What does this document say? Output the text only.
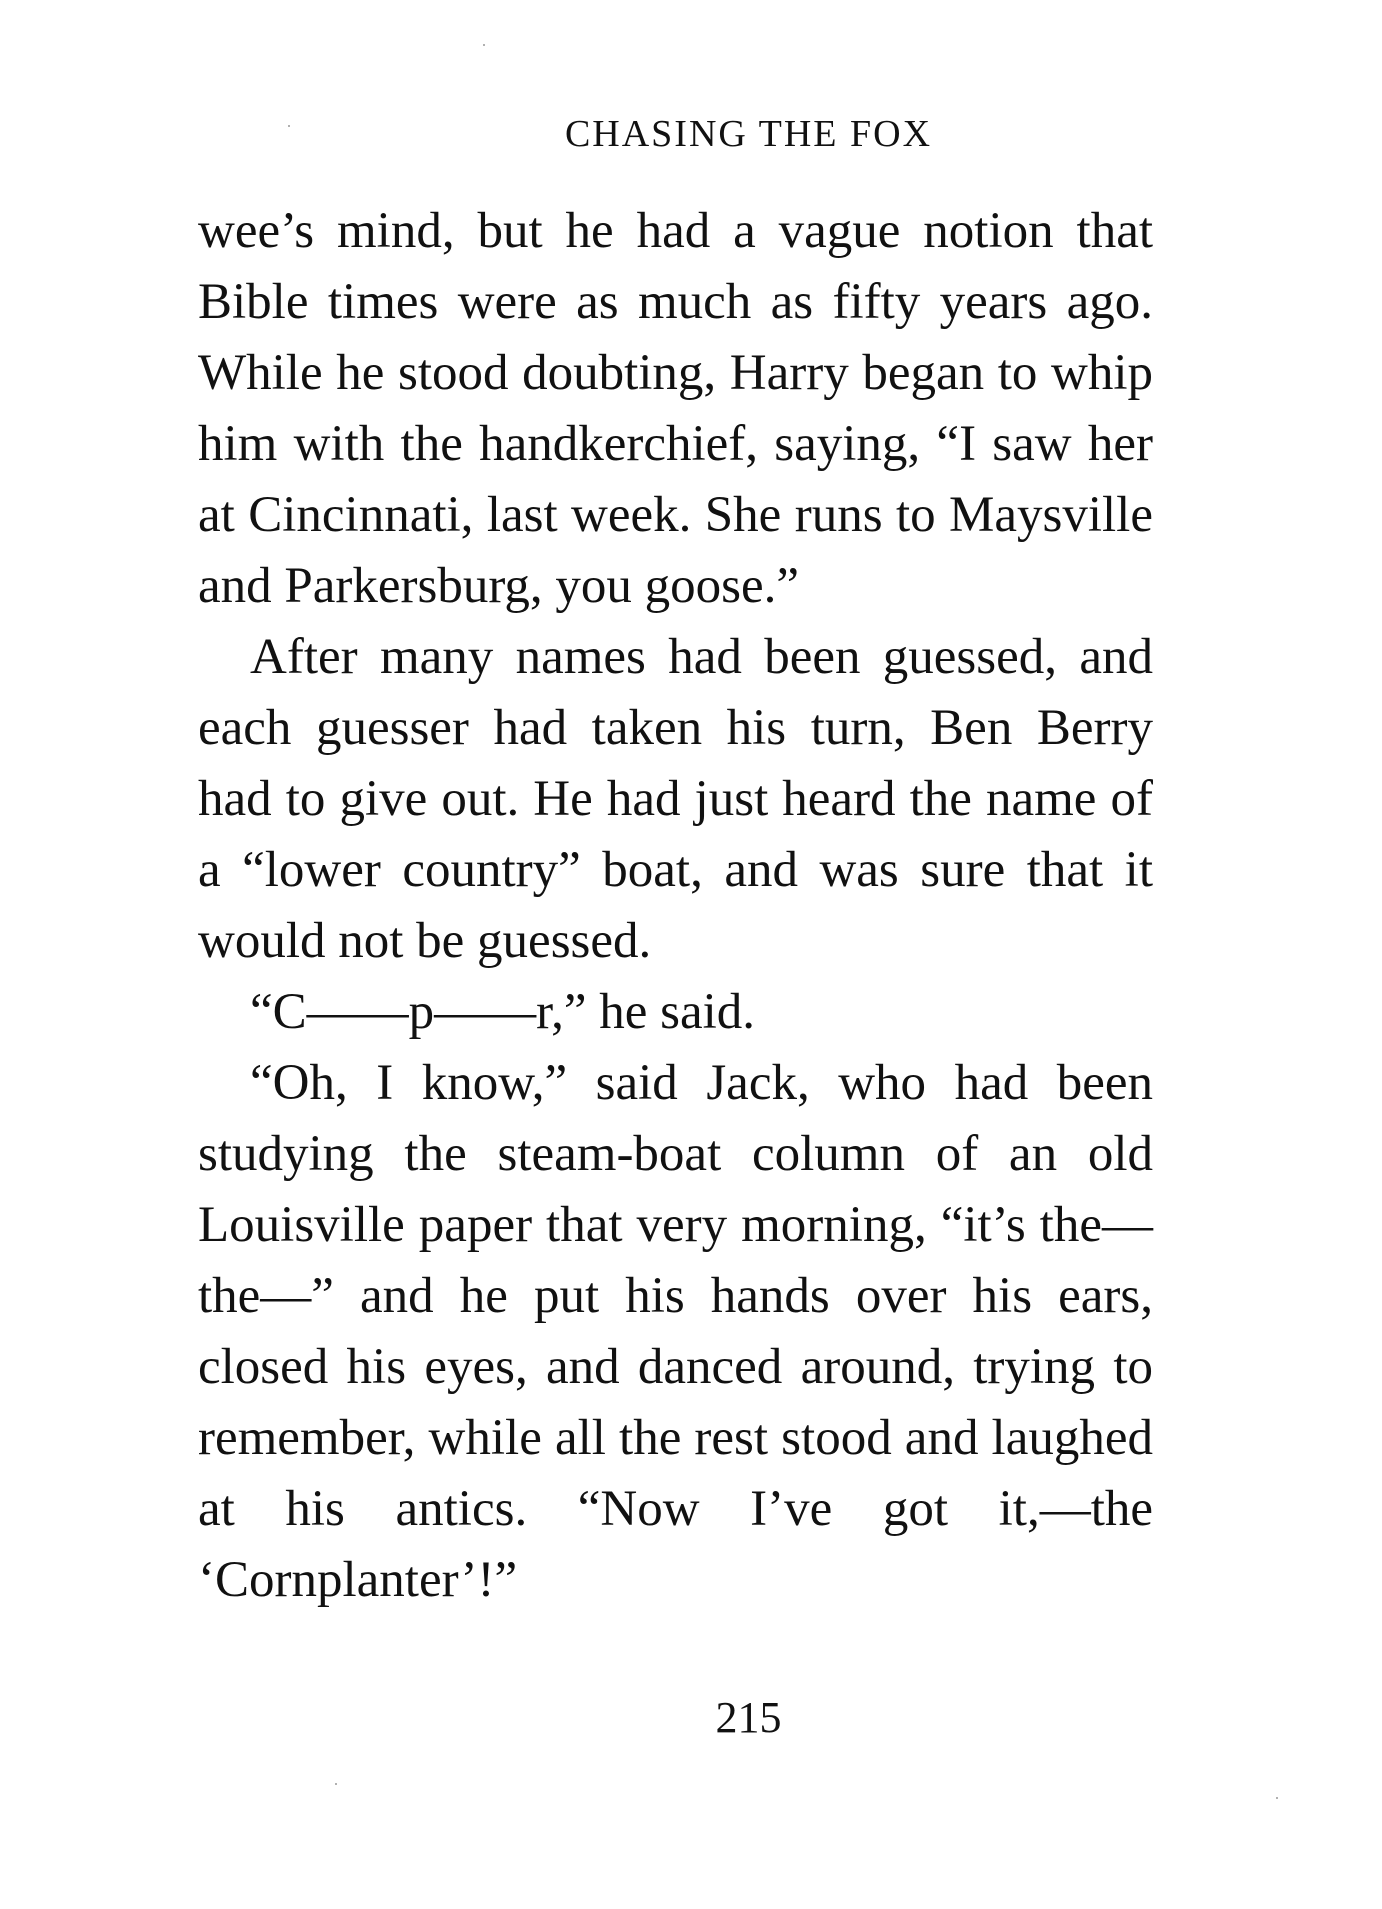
CHASING THE FOX

wee’s mind, but he had a vague notion that Bible times were as much as fifty years ago. While he stood doubting, Harry began to whip him with the handkerchief, saying, “I saw her at Cincinnati, last week. She runs to Maysville and Parkersburg, you goose.”

After many names had been guessed, and each guesser had taken his turn, Ben Berry had to give out. He had just heard the name of a “lower country” boat, and was sure that it would not be guessed.

“C——p——r,” he said.

“Oh, I know,” said Jack, who had been studying the steam-boat column of an old Louisville paper that very morning, “it’s the—the—” and he put his hands over his ears, closed his eyes, and danced around, trying to remember, while all the rest stood and laughed at his antics. “Now I’ve got it,—the ‘Cornplanter’!”

215
